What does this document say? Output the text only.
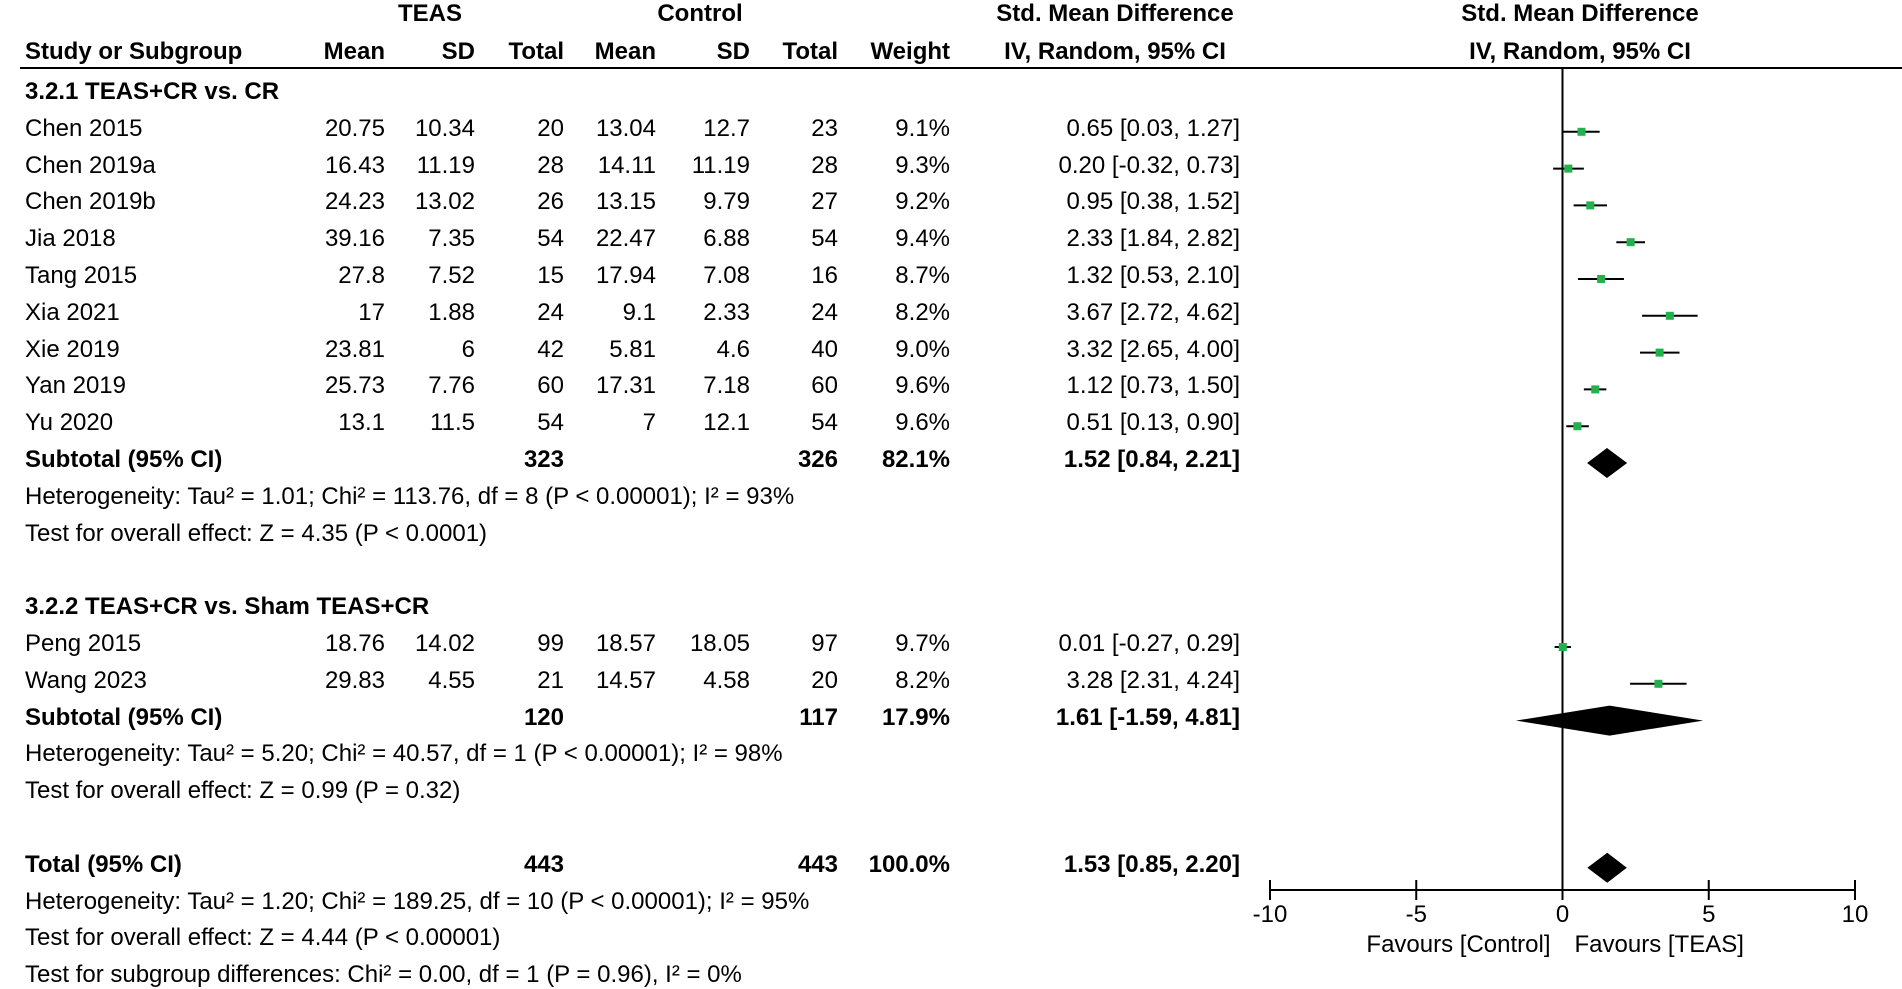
TEAS	Control	Std. Mean Difference	Std. Mean Difference
Study or Subgroup	Mean	SD	Total	Mean	SD	Total	Weight	IV, Random, 95% CI	IV, Random, 95% CI
3.2.1 TEAS+CR vs. CR
Chen 2015	20.75	10.34	20	13.04	12.7	23	9.1%	0.65 [0.03, 1.27]
Chen 2019a	16.43	11.19	28	14.11	11.19	28	9.3%	0.20 [-0.32, 0.73]
Chen 2019b	24.23	13.02	26	13.15	9.79	27	9.2%	0.95 [0.38, 1.52]
Jia 2018	39.16	7.35	54	22.47	6.88	54	9.4%	2.33 [1.84, 2.82]
Tang 2015	27.8	7.52	15	17.94	7.08	16	8.7%	1.32 [0.53, 2.10]
Xia 2021	17	1.88	24	9.1	2.33	24	8.2%	3.67 [2.72, 4.62]
Xie 2019	23.81	6	42	5.81	4.6	40	9.0%	3.32 [2.65, 4.00]
Yan 2019	25.73	7.76	60	17.31	7.18	60	9.6%	1.12 [0.73, 1.50]
Yu 2020	13.1	11.5	54	7	12.1	54	9.6%	0.51 [0.13, 0.90]
Subtotal (95% CI)	323	326	82.1%	1.52 [0.84, 2.21]
Heterogeneity: Tau² = 1.01; Chi² = 113.76, df = 8 (P < 0.00001); I² = 93%
Test for overall effect: Z = 4.35 (P < 0.0001)
3.2.2 TEAS+CR vs. Sham TEAS+CR
Peng 2015	18.76	14.02	99	18.57	18.05	97	9.7%	0.01 [-0.27, 0.29]
Wang 2023	29.83	4.55	21	14.57	4.58	20	8.2%	3.28 [2.31, 4.24]
Subtotal (95% CI)	120	117	17.9%	1.61 [-1.59, 4.81]
Heterogeneity: Tau² = 5.20; Chi² = 40.57, df = 1 (P < 0.00001); I² = 98%
Test for overall effect: Z = 0.99 (P = 0.32)
Total (95% CI)	443	443	100.0%	1.53 [0.85, 2.20]
Heterogeneity: Tau² = 1.20; Chi² = 189.25, df = 10 (P < 0.00001); I² = 95%
Test for overall effect: Z = 4.44 (P < 0.00001)
Test for subgroup differences: Chi² = 0.00, df = 1 (P = 0.96), I² = 0%
-10	-5	0	5	10
Favours [Control] Favours [TEAS]
